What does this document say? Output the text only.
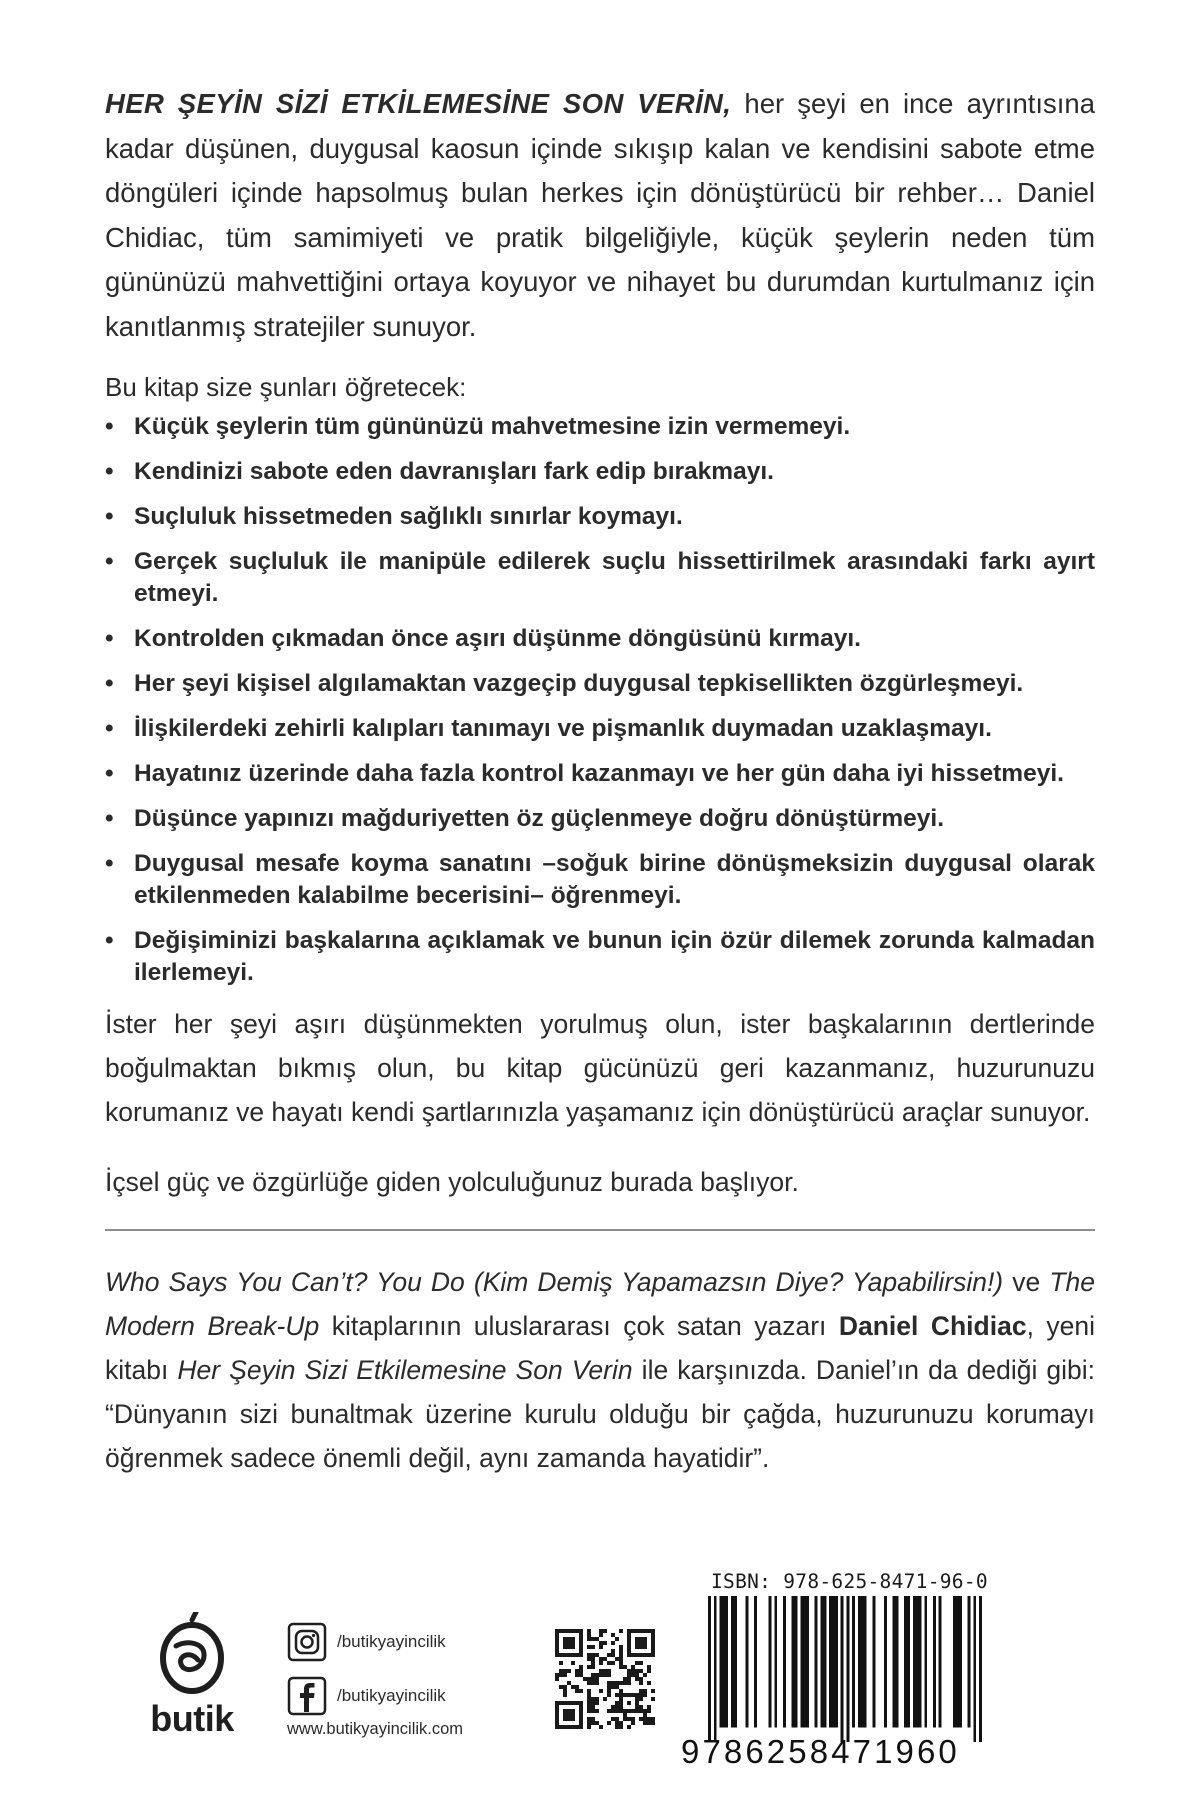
HER ŞEYİN SİZİ ETKİLEMESİNE SON VERİN, her şeyi en ince ayrıntısına kadar düşünen, duygusal kaosun içinde sıkışıp kalan ve kendisini sabote etme döngüleri içinde hapsolmuş bulan herkes için dönüştürücü bir rehber… Daniel Chidiac, tüm samimiyeti ve pratik bilgeliğiyle, küçük şeylerin neden tüm gününüzü mahvettiğini ortaya koyuyor ve nihayet bu durumdan kurtulmanız için kanıtlanmış stratejiler sunuyor.

Bu kitap size şunları öğretecek:

• Küçük şeylerin tüm gününüzü mahvetmesine izin vermemeyi.
• Kendinizi sabote eden davranışları fark edip bırakmayı.
• Suçluluk hissetmeden sağlıklı sınırlar koymayı.
• Gerçek suçluluk ile manipüle edilerek suçlu hissettirilmek arasındaki farkı ayırt etmeyi.
• Kontrolden çıkmadan önce aşırı düşünme döngüsünü kırmayı.
• Her şeyi kişisel algılamaktan vazgeçip duygusal tepkisellikten özgürleşmeyi.
• İlişkilerdeki zehirli kalıpları tanımayı ve pişmanlık duymadan uzaklaşmayı.
• Hayatınız üzerinde daha fazla kontrol kazanmayı ve her gün daha iyi hissetmeyi.
• Düşünce yapınızı mağduriyetten öz güçlenmeye doğru dönüştürmeyi.
• Duygusal mesafe koyma sanatını –soğuk birine dönüşmeksizin duygusal olarak etkilenmeden kalabilme becerisini– öğrenmeyi.
• Değişiminizi başkalarına açıklamak ve bunun için özür dilemek zorunda kalmadan ilerlemeyi.

İster her şeyi aşırı düşünmekten yorulmuş olun, ister başkalarının dertlerinde boğulmaktan bıkmış olun, bu kitap gücünüzü geri kazanmanız, huzurunuzu korumanız ve hayatı kendi şartlarınızla yaşamanız için dönüştürücü araçlar sunuyor.

İçsel güç ve özgürlüğe giden yolculuğunuz burada başlıyor.

Who Says You Can’t? You Do (Kim Demiş Yapamazsın Diye? Yapabilirsin!) ve The Modern Break-Up kitaplarının uluslararası çok satan yazarı Daniel Chidiac, yeni kitabı Her Şeyin Sizi Etkilemesine Son Verin ile karşınızda. Daniel’ın da dediği gibi: “Dünyanın sizi bunaltmak üzerine kurulu olduğu bir çağda, huzurunuzu korumayı öğrenmek sadece önemli değil, aynı zamanda hayatidir”.

butik
/butikyayincilik
/butikyayincilik
www.butikyayincilik.com
ISBN: 978-625-8471-96-0
9786258471960
